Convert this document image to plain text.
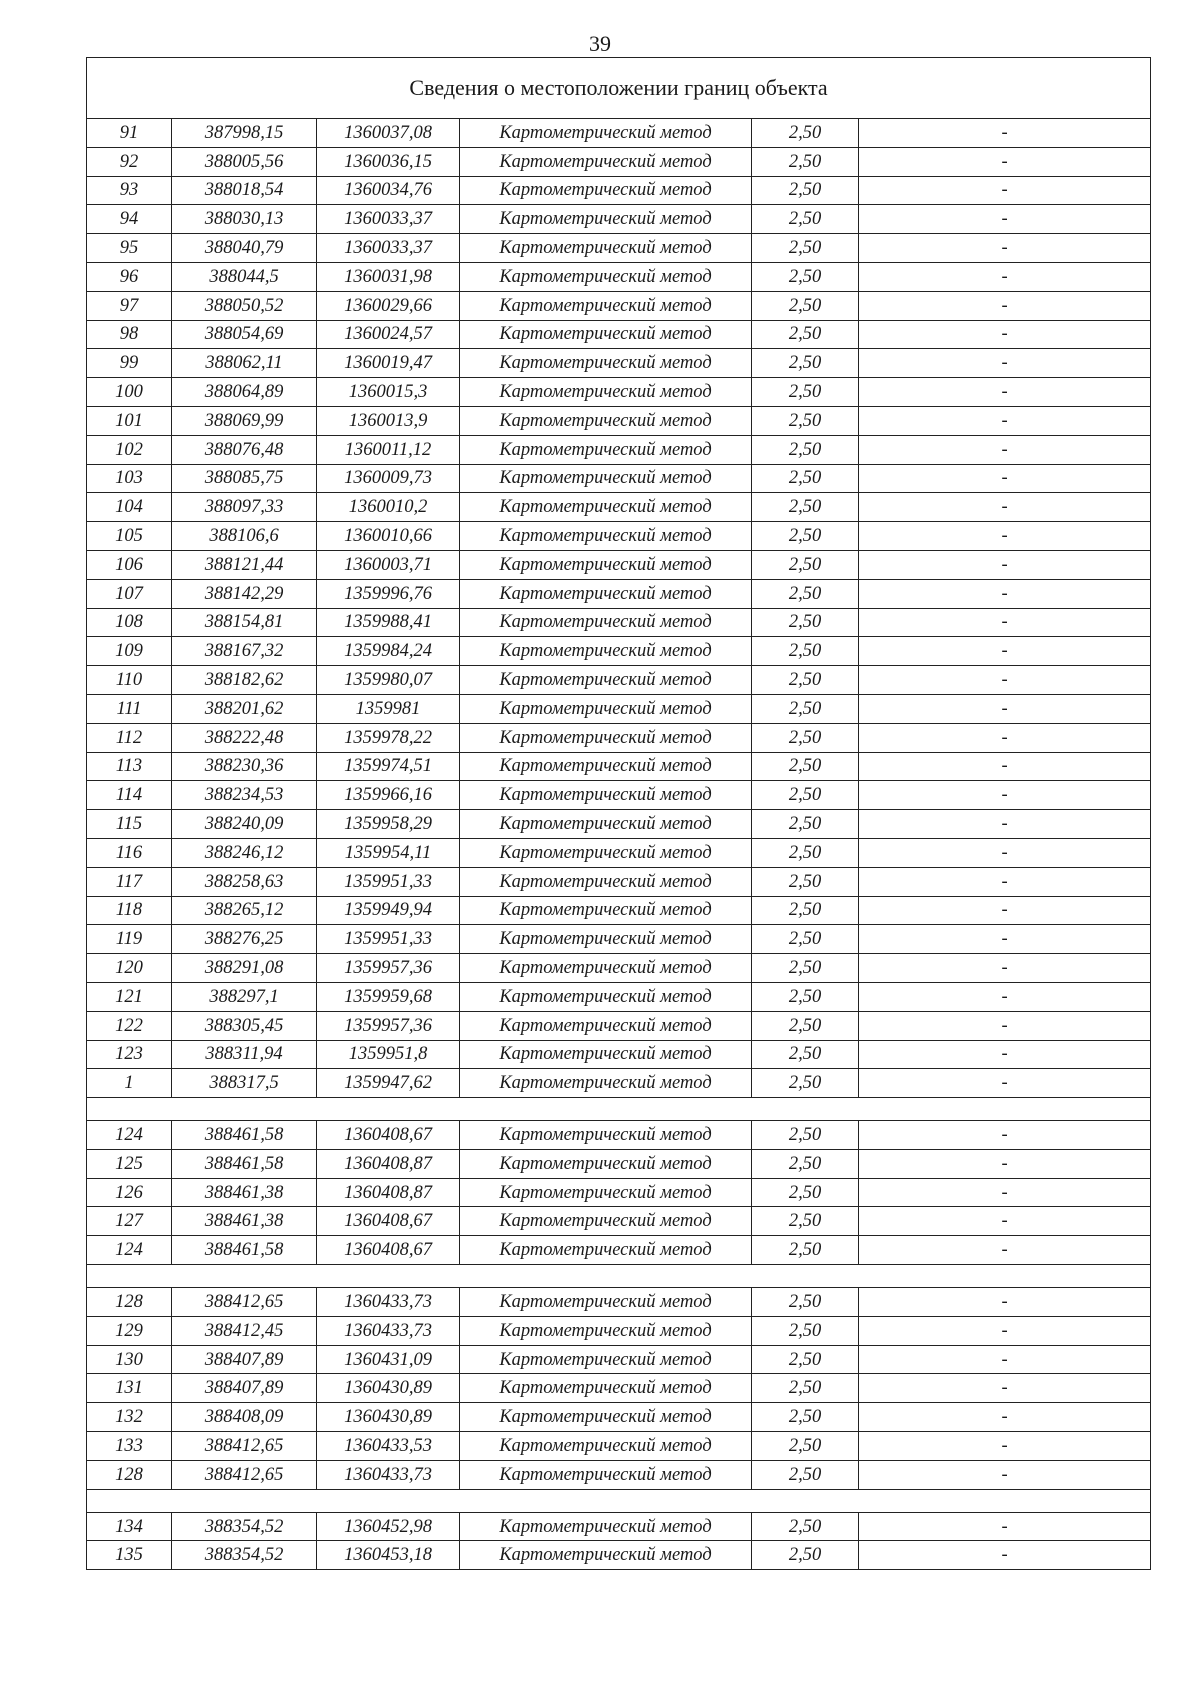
39
Сведения о местоположении границ объекта					
91	387998,15	1360037,08	Картометрический метод	2,50	-
92	388005,56	1360036,15	Картометрический метод	2,50	-
93	388018,54	1360034,76	Картометрический метод	2,50	-
94	388030,13	1360033,37	Картометрический метод	2,50	-
95	388040,79	1360033,37	Картометрический метод	2,50	-
96	388044,5	1360031,98	Картометрический метод	2,50	-
97	388050,52	1360029,66	Картометрический метод	2,50	-
98	388054,69	1360024,57	Картометрический метод	2,50	-
99	388062,11	1360019,47	Картометрический метод	2,50	-
100	388064,89	1360015,3	Картометрический метод	2,50	-
101	388069,99	1360013,9	Картометрический метод	2,50	-
102	388076,48	1360011,12	Картометрический метод	2,50	-
103	388085,75	1360009,73	Картометрический метод	2,50	-
104	388097,33	1360010,2	Картометрический метод	2,50	-
105	388106,6	1360010,66	Картометрический метод	2,50	-
106	388121,44	1360003,71	Картометрический метод	2,50	-
107	388142,29	1359996,76	Картометрический метод	2,50	-
108	388154,81	1359988,41	Картометрический метод	2,50	-
109	388167,32	1359984,24	Картометрический метод	2,50	-
110	388182,62	1359980,07	Картометрический метод	2,50	-
111	388201,62	1359981	Картометрический метод	2,50	-
112	388222,48	1359978,22	Картометрический метод	2,50	-
113	388230,36	1359974,51	Картометрический метод	2,50	-
114	388234,53	1359966,16	Картометрический метод	2,50	-
115	388240,09	1359958,29	Картометрический метод	2,50	-
116	388246,12	1359954,11	Картометрический метод	2,50	-
117	388258,63	1359951,33	Картометрический метод	2,50	-
118	388265,12	1359949,94	Картометрический метод	2,50	-
119	388276,25	1359951,33	Картометрический метод	2,50	-
120	388291,08	1359957,36	Картометрический метод	2,50	-
121	388297,1	1359959,68	Картометрический метод	2,50	-
122	388305,45	1359957,36	Картометрический метод	2,50	-
123	388311,94	1359951,8	Картометрический метод	2,50	-
1	388317,5	1359947,62	Картометрический метод	2,50	-

124	388461,58	1360408,67	Картометрический метод	2,50	-
125	388461,58	1360408,87	Картометрический метод	2,50	-
126	388461,38	1360408,87	Картометрический метод	2,50	-
127	388461,38	1360408,67	Картометрический метод	2,50	-
124	388461,58	1360408,67	Картометрический метод	2,50	-

128	388412,65	1360433,73	Картометрический метод	2,50	-
129	388412,45	1360433,73	Картометрический метод	2,50	-
130	388407,89	1360431,09	Картометрический метод	2,50	-
131	388407,89	1360430,89	Картометрический метод	2,50	-
132	388408,09	1360430,89	Картометрический метод	2,50	-
133	388412,65	1360433,53	Картометрический метод	2,50	-
128	388412,65	1360433,73	Картометрический метод	2,50	-

134	388354,52	1360452,98	Картометрический метод	2,50	-
135	388354,52	1360453,18	Картометрический метод	2,50	-
